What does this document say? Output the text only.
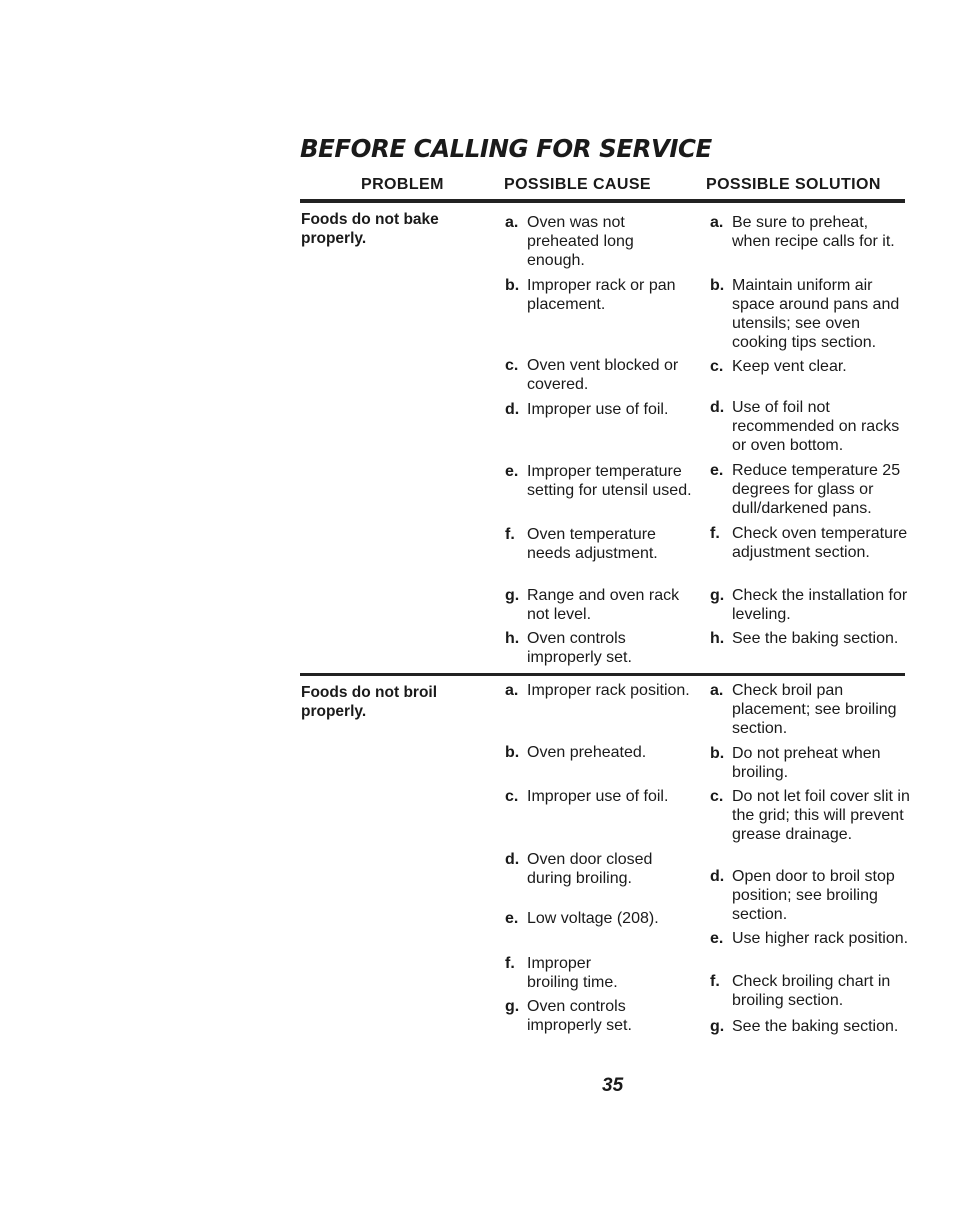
BEFORE CALLING FOR SERVICE
PROBLEM	POSSIBLE CAUSE	POSSIBLE SOLUTION
Foods do not bake properly.
a. Oven was not preheated long enough.
b. Improper rack or pan placement.
c. Oven vent blocked or covered.
d. Improper use of foil.
e. Improper temperature setting for utensil used.
f. Oven temperature needs adjustment.
g. Range and oven rack not level.
h. Oven controls improperly set.
a. Be sure to preheat, when recipe calls for it.
b. Maintain uniform air space around pans and utensils; see oven cooking tips section.
c. Keep vent clear.
d. Use of foil not recommended on racks or oven bottom.
e. Reduce temperature 25 degrees for glass or dull/darkened pans.
f. Check oven temperature adjustment section.
g. Check the installation for leveling.
h. See the baking section.
Foods do not broil properly.
a. Improper rack position.
b. Oven preheated.
c. Improper use of foil.
d. Oven door closed during broiling.
e. Low voltage (208).
f. Improper broiling time.
g. Oven controls improperly set.
a. Check broil pan placement; see broiling section.
b. Do not preheat when broiling.
c. Do not let foil cover slit in the grid; this will prevent grease drainage.
d. Open door to broil stop position; see broiling section.
e. Use higher rack position.
f. Check broiling chart in broiling section.
g. See the baking section.
35
